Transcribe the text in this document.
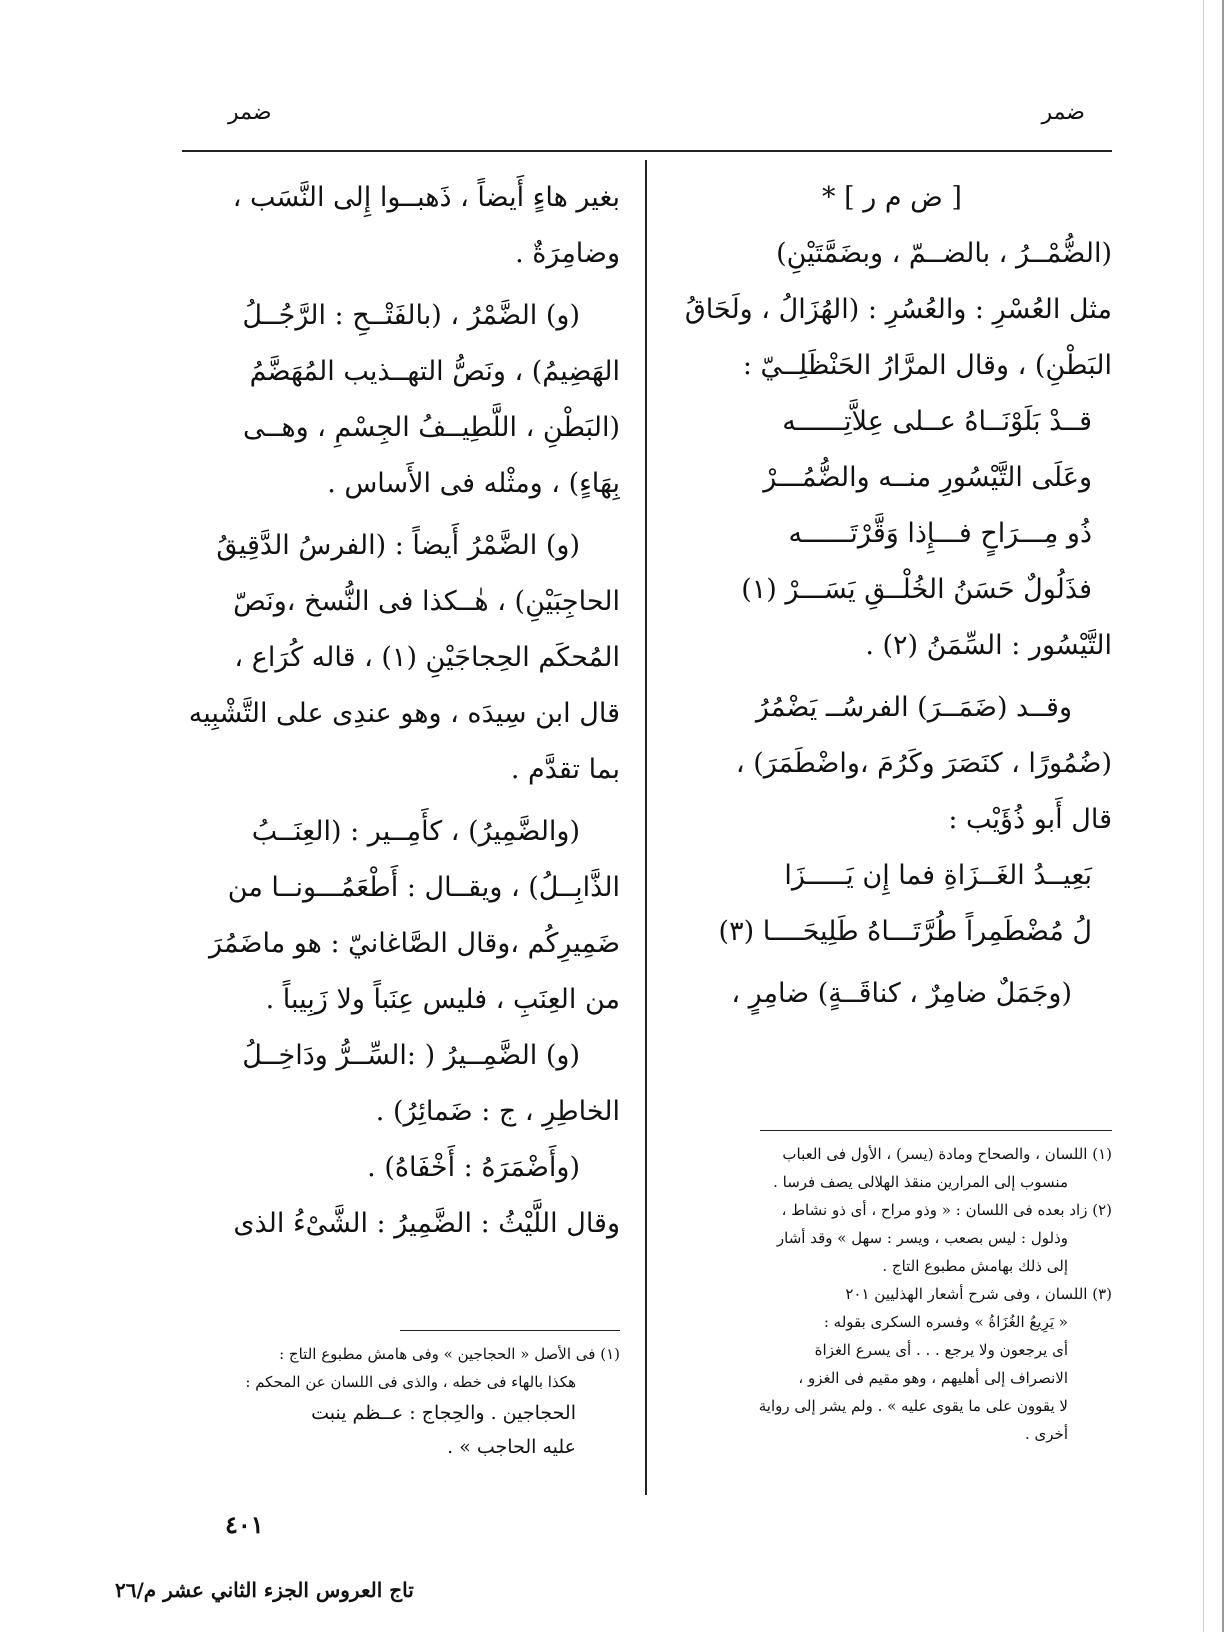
ضمر
ضمر
[ ض م ر ] *
(الضُّمْــرُ ، بالضــمّ ، وبضَمَّتَيْنِ)
مثل العُسْرِ : والعُسُرِ : (الهُزَالُ ، ولَحَاقُ
البَطْنِ) ، وقال المرَّارُ الحَنْظَلِــيّ :
قــدْ بَلَوْنَــاهُ عــلى عِلاَّتِــــــه
وعَلَى التَّيْسُورِ منــه والضُّمُـــرْ
ذُو مِـــرَاحٍ فـــإِذا وَقَّرْتَــــــه
فذَلُولٌ حَسَنُ الخُلْــقِ يَسَـــرْ (١)
التَّيْسُور : السِّمَنُ (٢) .
وقــد (ضَمَــرَ) الفرسُــ يَضْمُرُ
(ضُمُورًا ، كنَصَرَ وكَرُمَ ،واضْطَمَرَ) ،
قال أَبو ذُؤَيْب :
بَعِيــدُ الغَــزَاةِ فما إِن يَـــــزَا
لُ مُضْطَمِراً طُرَّتَـــاهُ طَلِيحَــــا (٣)
(وجَمَلٌ ضامِرٌ ، كناقَــةٍ) ضامِرٍ ،
بغير هاءٍ أَيضاً ، ذَهبــوا إِلى النَّسَب ،
وضامِرَةٌ .
(و) الضَّمْرُ ، (بالفَتْــحِ : الرَّجُــلُ
الهَضِيمُ) ، ونَصُّ التهــذيب المُهَضَّمُ
(البَطْنِ ، اللَّطِيــفُ الجِسْمِ ، وهــى
بِهَاءٍ) ، ومثْله فى الأَساس .
(و) الضَّمْرُ أَيضاً : (الفرسُ الدَّقِيقُ
الحاجِبَيْنِ) ، هٰــكذا فى النُّسخ ،ونَصّ
المُحكَم الحِجاجَيْنِ (١) ، قاله كُرَاع ،
قال ابن سِيدَه ، وهو عندِى على التَّشْبِيه
بما تقدَّم .
(والضَّمِيرُ) ، كأَمِــير : (العِنَــبُ
الذَّابِــلُ) ، ويقــال : أَطْعَمُـــونــا من
ضَمِيرِكُم ،وقال الصَّاغانيّ : هو ماضَمُرَ
من العِنَبِ ، فليس عِنَباً ولا زَبِيباً .
(و) الضَّمِــيرُ ( :السِّــرُّ ودَاخِــلُ
الخاطِرِ ، ج : ضَمائِرُ) .
(وأَضْمَرَهُ : أَخْفَاهُ) .
وقال اللَّيْثُ : الضَّمِيرُ : الشَّىْءُ الذى
(١) اللسان ، والصحاح ومادة (يسر) ، الأول فى العباب
منسوب إلى المرارين منقذ الهلالى يصف فرسا .
(٢) زاد بعده فى اللسان : « وذو مراح ، أى ذو نشاط ،
وذلول : ليس بصعب ، ويسر : سهل » وقد أشار
إلى ذلك بهامش مطبوع التاج .
(٣) اللسان ، وفى شرح أشعار الهذليين ٢٠١
« يَرِيعُ الغُزَاةُ » وفسره السكرى بقوله :
أى يرجعون ولا يرجع . . . أى يسرع الغزاة
الانصراف إلى أهليهم ، وهو مقيم فى الغزو ،
لا يقوون على ما يقوى عليه » . ولم يشر إلى رواية
أخرى .
(١) فى الأصل « الحجاجين » وفى هامش مطبوع التاج :
هكذا بالهاء فى خطه ، والذى فى اللسان عن المحكم :
الحجاجين . والحِجاج : عــظم ينبت
عليه الحاجب » .
٤٠١
تاج العروس الجزء الثاني عشر م/٢٦
